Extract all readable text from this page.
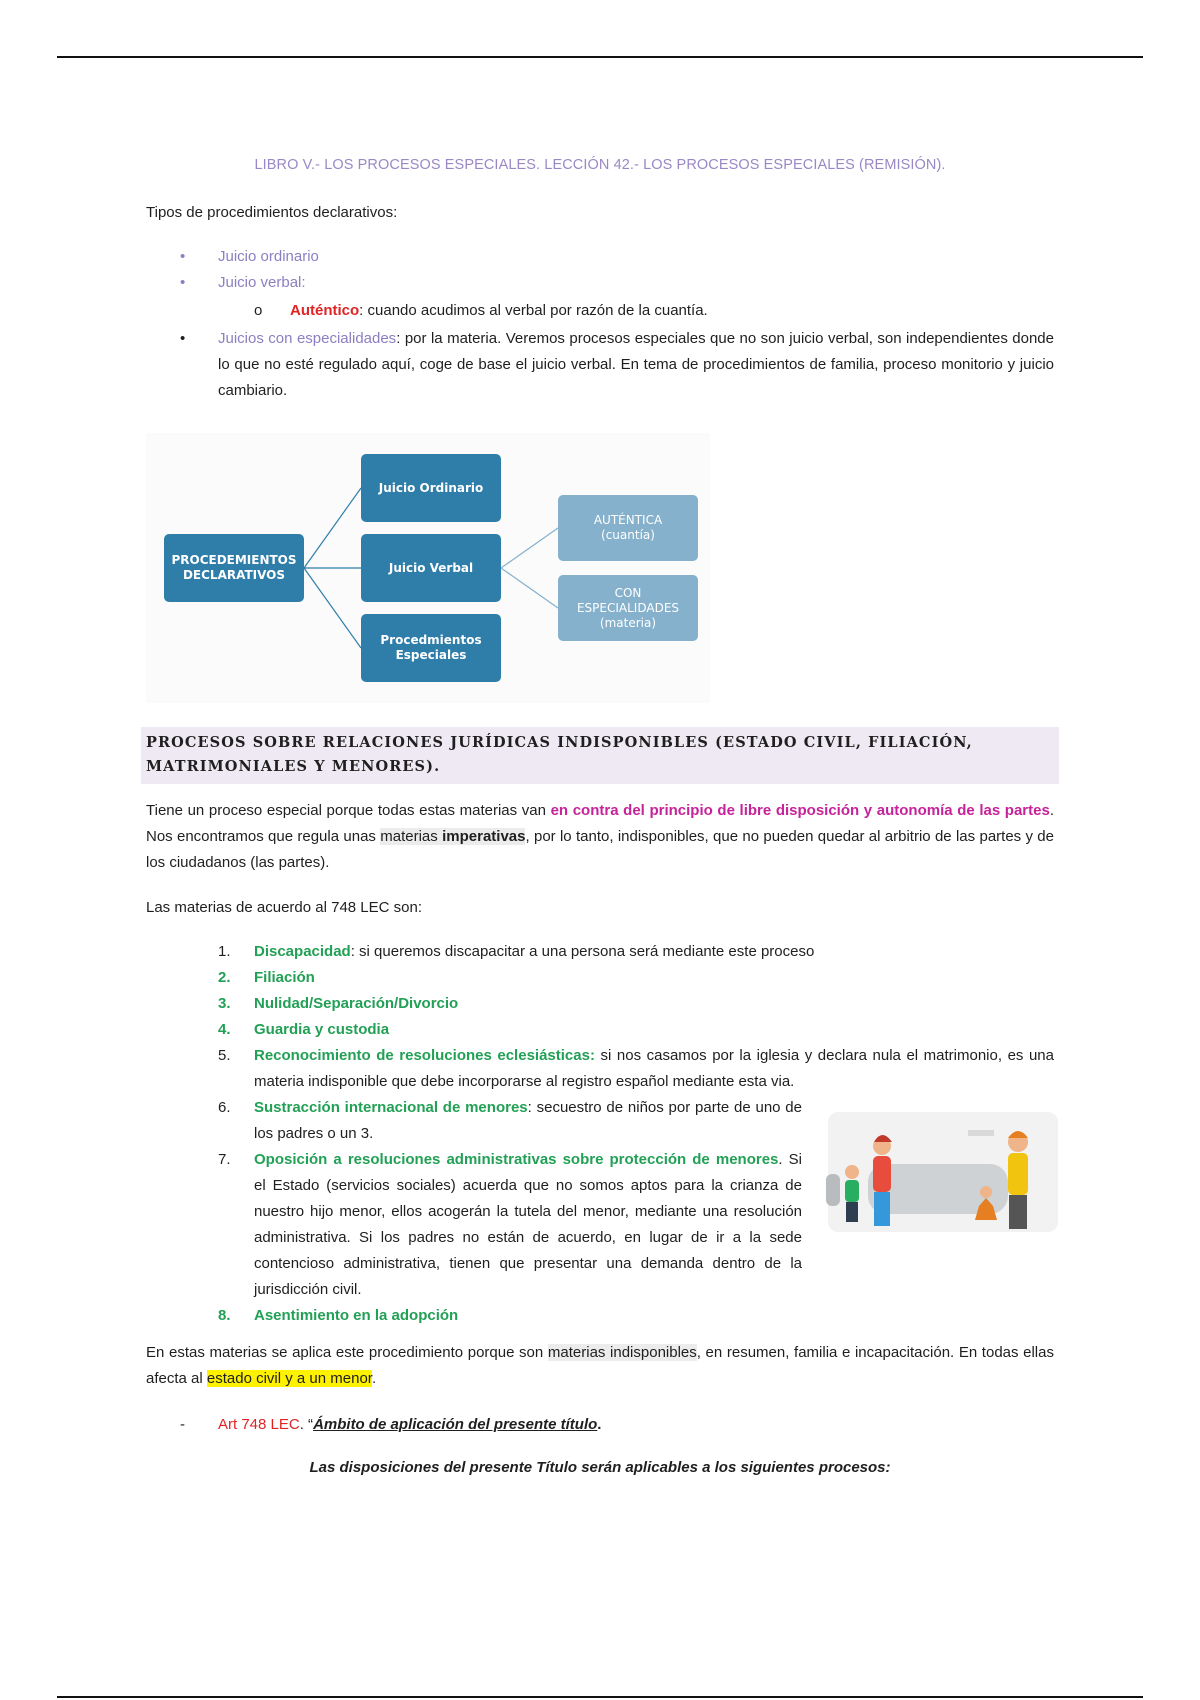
LIBRO V.- LOS PROCESOS ESPECIALES. LECCIÓN 42.- LOS PROCESOS ESPECIALES (REMISIÓN).
Tipos de procedimientos declarativos:
• Juicio ordinario
• Juicio verbal:
o Auténtico: cuando acudimos al verbal por razón de la cuantía.
• Juicios con especialidades: por la materia. Veremos procesos especiales que no son juicio verbal, son independientes donde lo que no esté regulado aquí, coge de base el juicio verbal. En tema de procedimientos de familia, proceso monitorio y juicio cambiario.
PROCEDEMIENTOS
DECLARATIVOS
Juicio Ordinario
Juicio Verbal
Procedmientos
Especiales
AUTÉNTICA
(cuantía)
CON
ESPECIALIDADES
(materia)
PROCESOS SOBRE RELACIONES JURÍDICAS INDISPONIBLES (ESTADO CIVIL, FILIACIÓN, MATRIMONIALES Y MENORES).
Tiene un proceso especial porque todas estas materias van en contra del principio de libre disposición y autonomía de las partes. Nos encontramos que regula unas materias imperativas, por lo tanto, indisponibles, que no pueden quedar al arbitrio de las partes y de los ciudadanos (las partes).
Las materias de acuerdo al 748 LEC son:
1. Discapacidad: si queremos discapacitar a una persona será mediante este proceso
2. Filiación
3. Nulidad/Separación/Divorcio
4. Guardia y custodia
5. Reconocimiento de resoluciones eclesiásticas: si nos casamos por la iglesia y declara nula el matrimonio, es una materia indisponible que debe incorporarse al registro español mediante esta via.
6. Sustracción internacional de menores: secuestro de niños por parte de uno de los padres o un 3.
7. Oposición a resoluciones administrativas sobre protección de menores. Si el Estado (servicios sociales) acuerda que no somos aptos para la crianza de nuestro hijo menor, ellos acogerán la tutela del menor, mediante una resolución administrativa. Si los padres no están de acuerdo, en lugar de ir a la sede contencioso administrativa, tienen que presentar una demanda dentro de la jurisdicción civil.
8. Asentimiento en la adopción
En estas materias se aplica este procedimiento porque son materias indisponibles, en resumen, familia e incapacitación. En todas ellas afecta al estado civil y a un menor.
- Art 748 LEC. “Ámbito de aplicación del presente título.
Las disposiciones del presente Título serán aplicables a los siguientes procesos:
